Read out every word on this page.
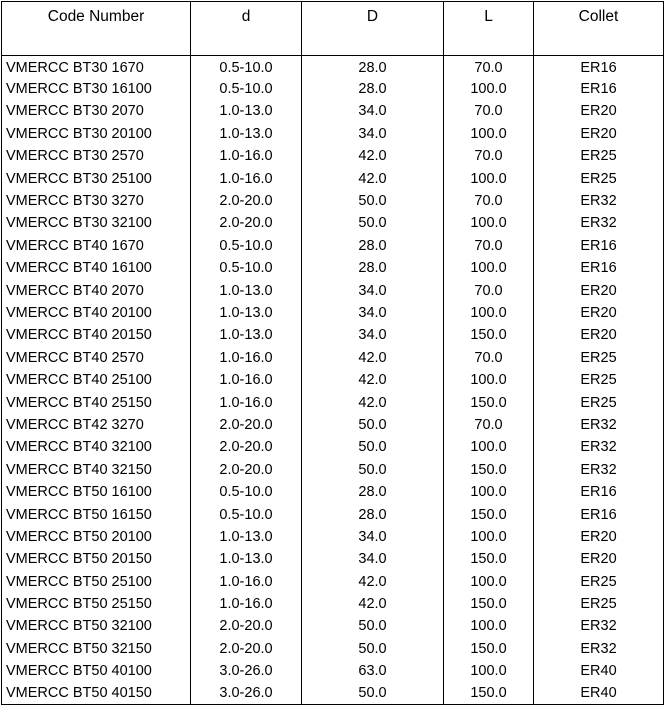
Code Number	d	D	L	Collet
VMERCC BT30 1670	0.5-10.0	28.0	70.0	ER16
VMERCC BT30 16100	0.5-10.0	28.0	100.0	ER16
VMERCC BT30 2070	1.0-13.0	34.0	70.0	ER20
VMERCC BT30 20100	1.0-13.0	34.0	100.0	ER20
VMERCC BT30 2570	1.0-16.0	42.0	70.0	ER25
VMERCC BT30 25100	1.0-16.0	42.0	100.0	ER25
VMERCC BT30 3270	2.0-20.0	50.0	70.0	ER32
VMERCC BT30 32100	2.0-20.0	50.0	100.0	ER32
VMERCC BT40 1670	0.5-10.0	28.0	70.0	ER16
VMERCC BT40 16100	0.5-10.0	28.0	100.0	ER16
VMERCC BT40 2070	1.0-13.0	34.0	70.0	ER20
VMERCC BT40 20100	1.0-13.0	34.0	100.0	ER20
VMERCC BT40 20150	1.0-13.0	34.0	150.0	ER20
VMERCC BT40 2570	1.0-16.0	42.0	70.0	ER25
VMERCC BT40 25100	1.0-16.0	42.0	100.0	ER25
VMERCC BT40 25150	1.0-16.0	42.0	150.0	ER25
VMERCC BT42 3270	2.0-20.0	50.0	70.0	ER32
VMERCC BT40 32100	2.0-20.0	50.0	100.0	ER32
VMERCC BT40 32150	2.0-20.0	50.0	150.0	ER32
VMERCC BT50 16100	0.5-10.0	28.0	100.0	ER16
VMERCC BT50 16150	0.5-10.0	28.0	150.0	ER16
VMERCC BT50 20100	1.0-13.0	34.0	100.0	ER20
VMERCC BT50 20150	1.0-13.0	34.0	150.0	ER20
VMERCC BT50 25100	1.0-16.0	42.0	100.0	ER25
VMERCC BT50 25150	1.0-16.0	42.0	150.0	ER25
VMERCC BT50 32100	2.0-20.0	50.0	100.0	ER32
VMERCC BT50 32150	2.0-20.0	50.0	150.0	ER32
VMERCC BT50 40100	3.0-26.0	63.0	100.0	ER40
VMERCC BT50 40150	3.0-26.0	50.0	150.0	ER40
